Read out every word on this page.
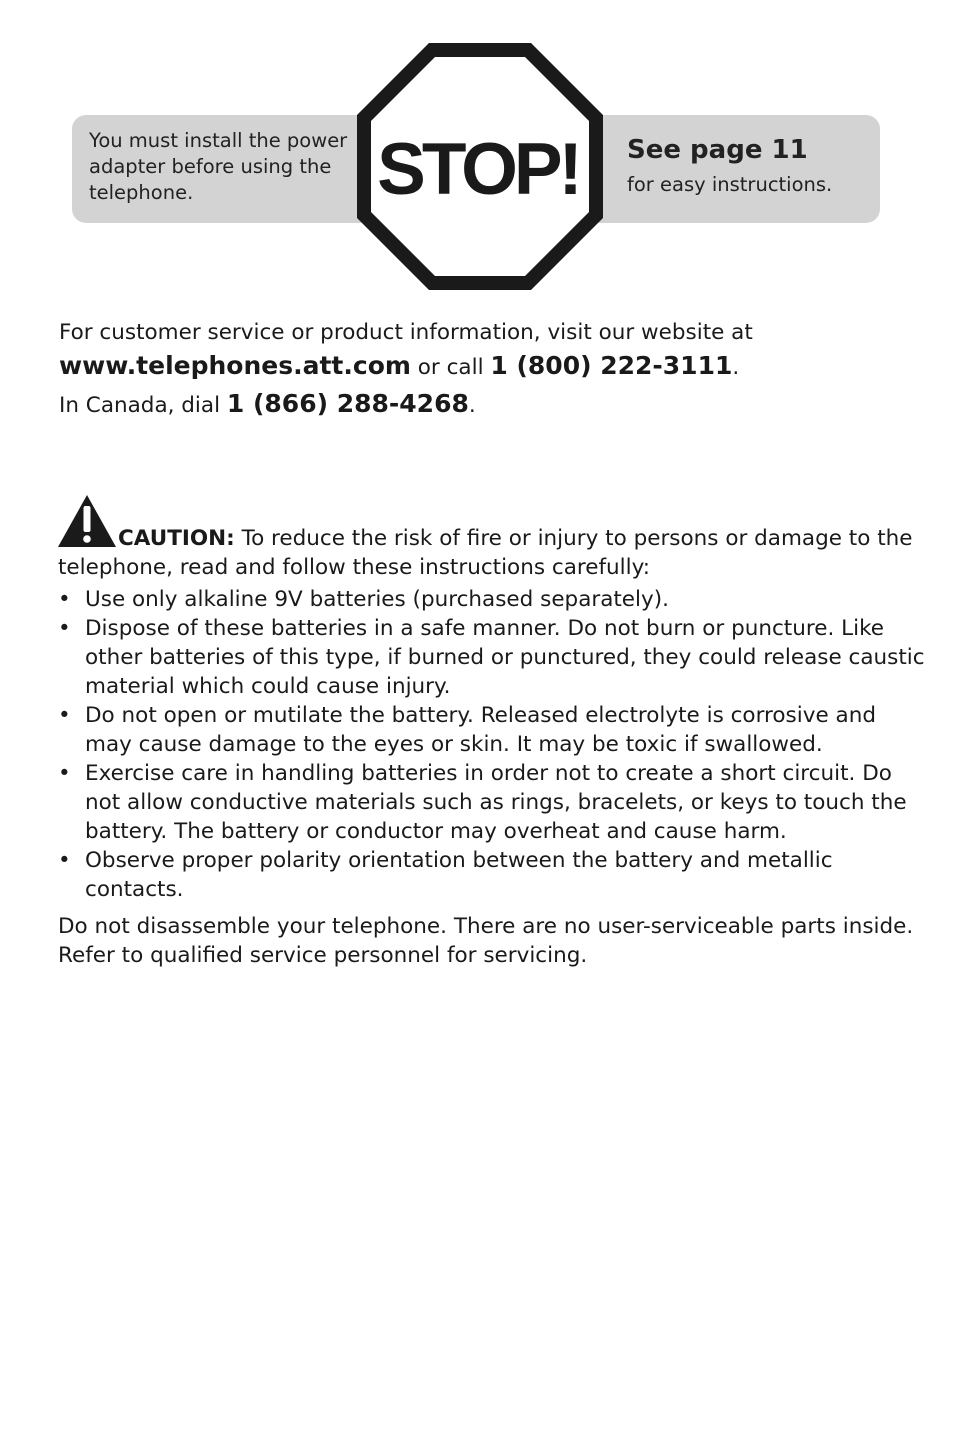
You must install the power adapter before using the telephone.
See page 11
for easy instructions.
STOP!
For customer service or product information, visit our website at
www.telephones.att.com or call 1 (800) 222-3111.
In Canada, dial 1 (866) 288-4268.
CAUTION: To reduce the risk of fire or injury to persons or damage to the telephone, read and follow these instructions carefully:
• Use only alkaline 9V batteries (purchased separately).
• Dispose of these batteries in a safe manner. Do not burn or puncture. Like other batteries of this type, if burned or punctured, they could release caustic material which could cause injury.
• Do not open or mutilate the battery. Released electrolyte is corrosive and may cause damage to the eyes or skin. It may be toxic if swallowed.
• Exercise care in handling batteries in order not to create a short circuit. Do not allow conductive materials such as rings, bracelets, or keys to touch the battery. The battery or conductor may overheat and cause harm.
• Observe proper polarity orientation between the battery and metallic contacts.
Do not disassemble your telephone. There are no user-serviceable parts inside. Refer to qualified service personnel for servicing.
